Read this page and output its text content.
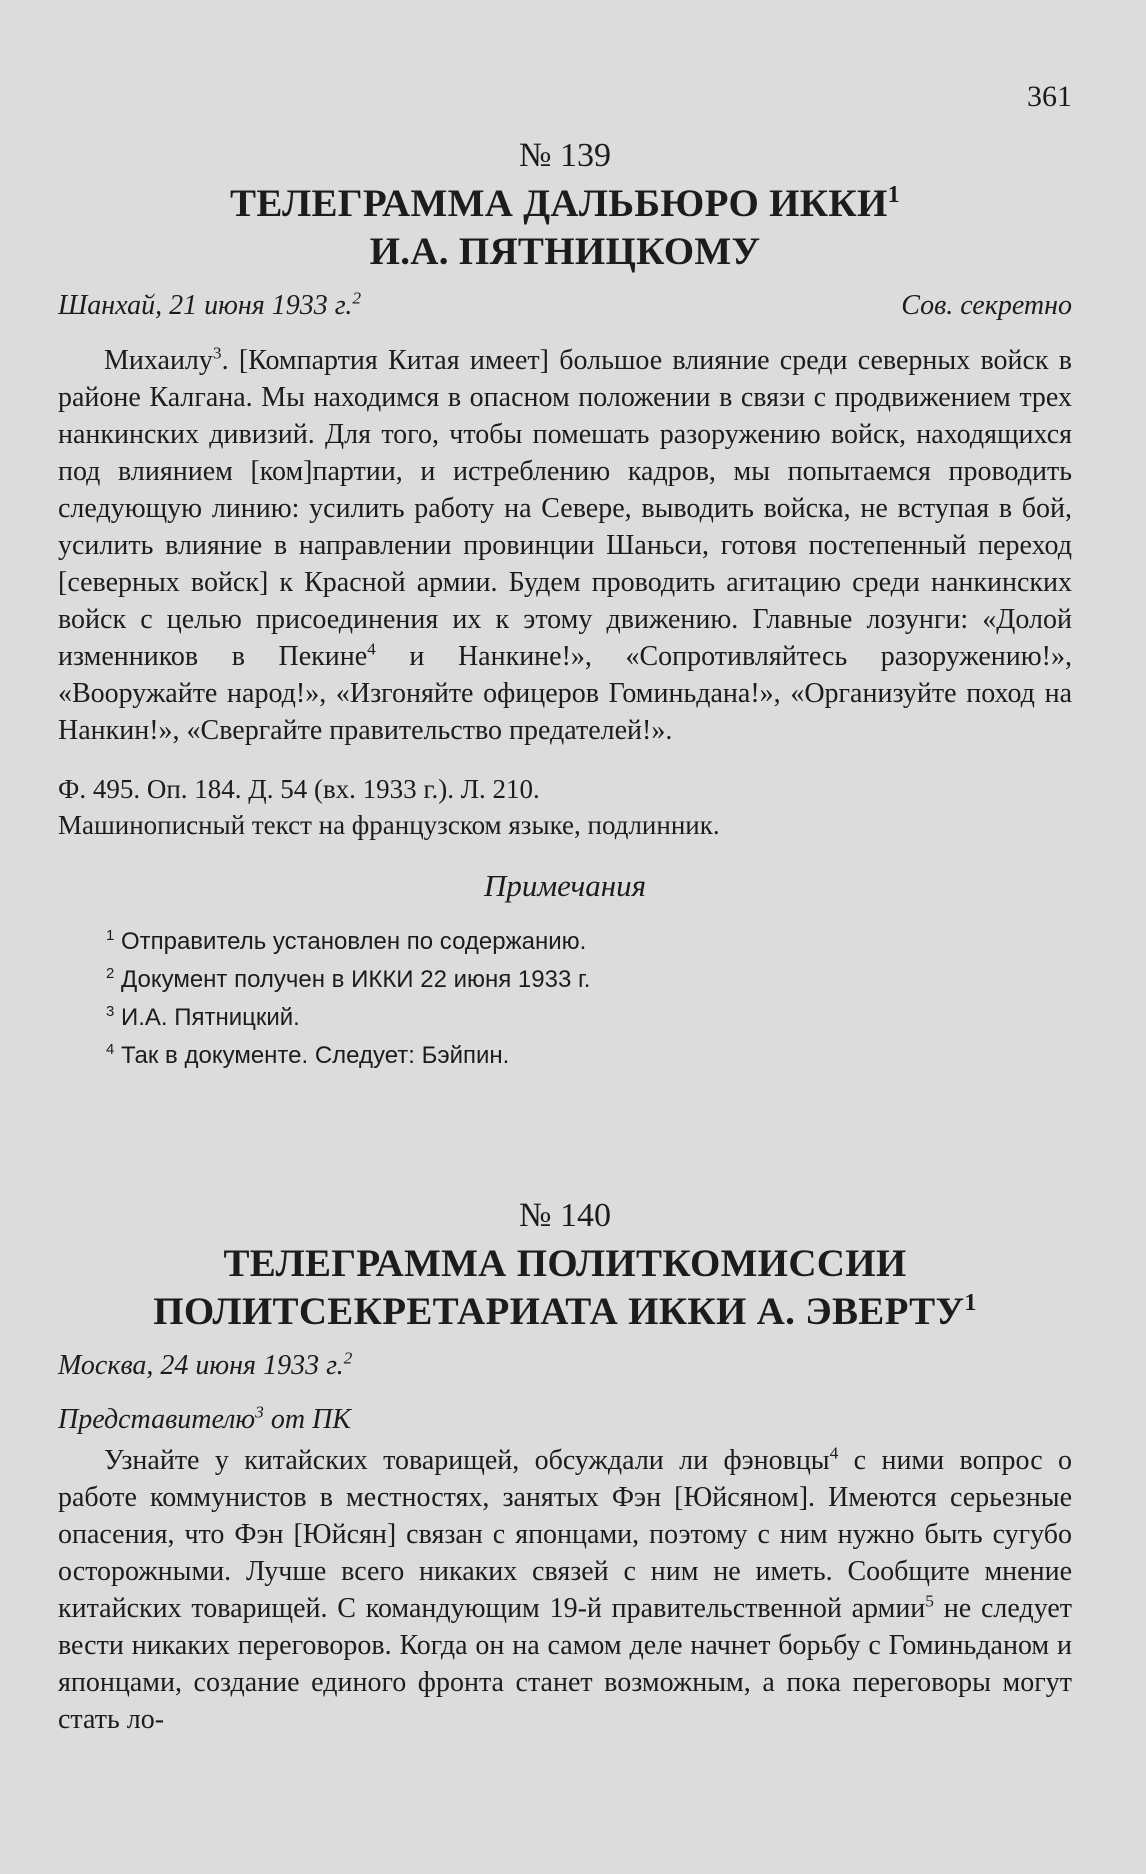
361

№ 139

ТЕЛЕГРАММА ДАЛЬБЮРО ИККИ$^1$
И.А. ПЯТНИЦКОМУ
Шанхай, 21 июня 1933 г.$^2$	Сов. секретно

Михаилу$^3$. [Компартия Китая имеет] большое влияние среди северных войск в районе Калгана. Мы находимся в опасном положении в связи с продвижением трех нанкинских дивизий. Для того, чтобы помешать разоружению войск, находящихся под влиянием [ком]партии, и истреблению кадров, мы попытаемся проводить следующую линию: усилить работу на Севере, выводить войска, не вступая в бой, усилить влияние в направлении провинции Шаньси, готовя постепенный переход [северных войск] к Красной армии. Будем проводить агитацию среди нанкинских войск с целью присоединения их к этому движению. Главные лозунги: «Долой изменников в Пекине$^4$ и Нанкине!», «Сопротивляйтесь разоружению!», «Вооружайте народ!», «Изгоняйте офицеров Гоминьдана!», «Организуйте поход на Нанкин!», «Свергайте правительство предателей!».

Ф. 495. Оп. 184. Д. 54 (вх. 1933 г.). Л. 210.

Машинописный текст на французском языке, подлинник.

Примечания

$^1$ Отправитель установлен по содержанию.

$^2$ Документ получен в ИККИ 22 июня 1933 г.

$^3$ И.А. Пятницкий.

$^4$ Так в документе. Следует: Бэйпин.

№ 140

ТЕЛЕГРАММА ПОЛИТКОМИССИИ
ПОЛИТСЕКРЕТАРИАТА ИККИ А. ЭВЕРТУ$^1$
Москва, 24 июня 1933 г.$^2$

Представителю$^3$ от ПК

Узнайте у китайских товарищей, обсуждали ли фэновцы$^4$ с ними вопрос о работе коммунистов в местностях, занятых Фэн [Юйсяном]. Имеются серьезные опасения, что Фэн [Юйсян] связан с японцами, поэтому с ним нужно быть сугубо осторожными. Лучше всего никаких связей с ним не иметь. Сообщите мнение китайских товарищей. С командующим 19-й правительственной армии$^5$ не следует вести никаких переговоров. Когда он на самом деле начнет борьбу с Гоминьданом и японцами, создание единого фронта станет возможным, а пока переговоры могут стать ло-
